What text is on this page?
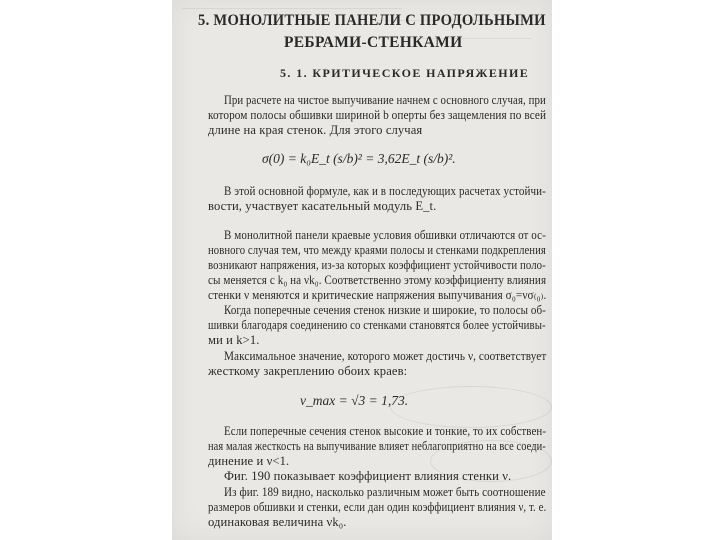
5. МОНОЛИТНЫЕ ПАНЕЛИ С ПРОДОЛЬНЫМИ
РЕБРАМИ-СТЕНКАМИ
5. 1. КРИТИЧЕСКОЕ НАПРЯЖЕНИЕ
При расчете на чистое выпучивание начнем с основного случая, при
котором полосы обшивки шириной b оперты без защемления по всей
длине на края стенок. Для этого случая
σ(0) = k₀E_t (s/b)² = 3,62E_t (s/b)².
В этой основной формуле, как и в последующих расчетах устойчи-
вости, участвует касательный модуль E_t.
В монолитной панели краевые условия обшивки отличаются от ос-
новного случая тем, что между краями полосы и стенками подкрепления
возникают напряжения, из-за которых коэффициент устойчивости поло-
сы меняется с k₀ на νk₀. Соответственно этому коэффициенту влияния
стенки ν меняются и критические напряжения выпучивания σ₀=νσ₍₀₎.
Когда поперечные сечения стенок низкие и широкие, то полосы об-
шивки благодаря соединению со стенками становятся более устойчивы-
ми и k>1.
Максимальное значение, которого может достичь ν, соответствует
жесткому закреплению обоих краев:
ν_max = √3 = 1,73.
Если поперечные сечения стенок высокие и тонкие, то их собствен-
ная малая жесткость на выпучивание влияет неблагоприятно на все соеди-
динение и ν<1.
Фиг. 190 показывает коэффициент влияния стенки ν.
Из фиг. 189 видно, насколько различным может быть соотношение
размеров обшивки и стенки, если дан один коэффициент влияния ν, т. е.
одинаковая величина νk₀.
